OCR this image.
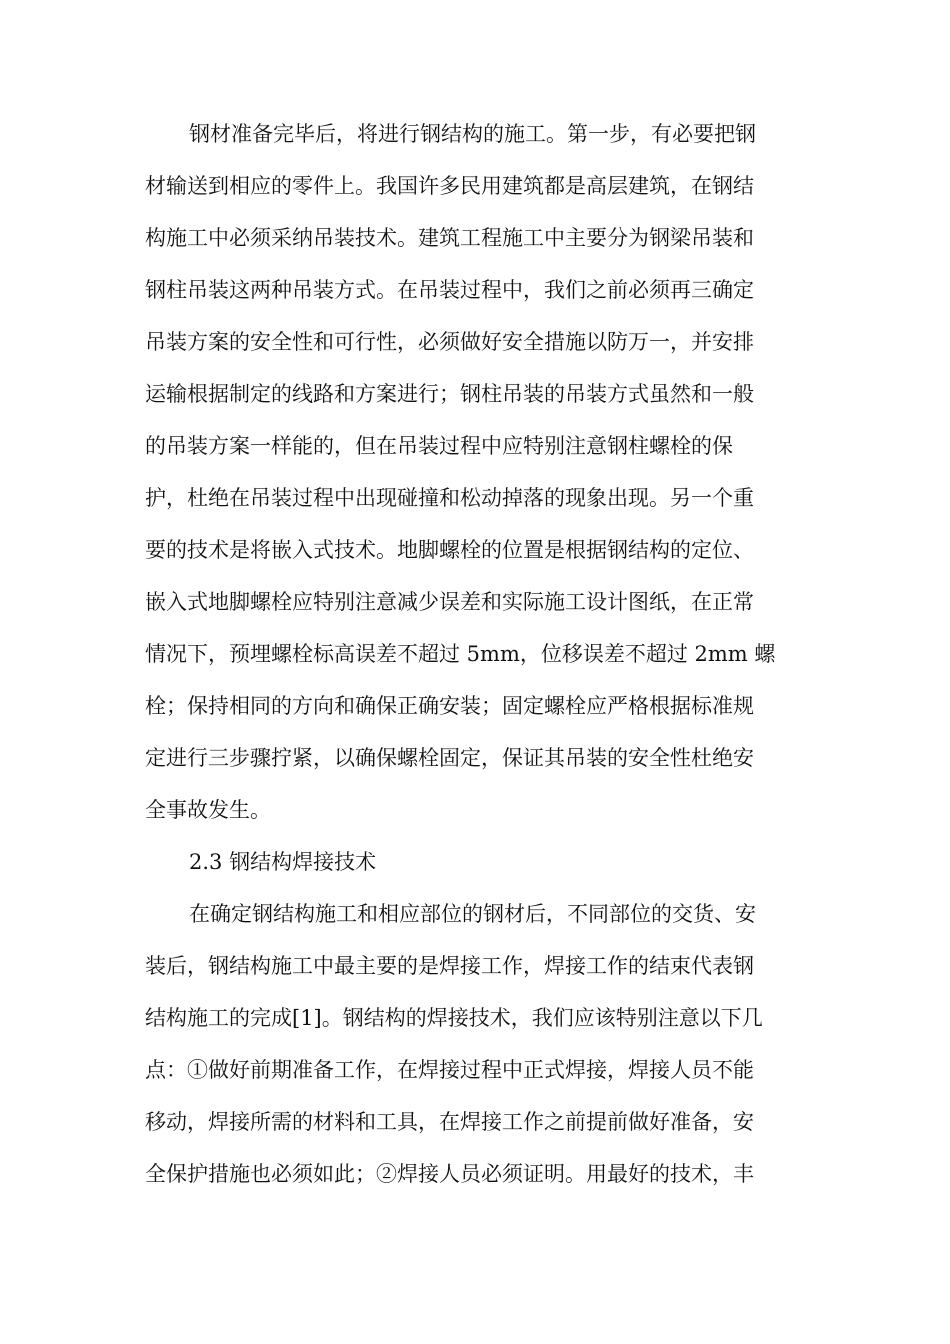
钢材准备完毕后，将进行钢结构的施工。第一步，有必要把钢
材输送到相应的零件上。我国许多民用建筑都是高层建筑，在钢结
构施工中必须采纳吊装技术。建筑工程施工中主要分为钢梁吊装和
钢柱吊装这两种吊装方式。在吊装过程中，我们之前必须再三确定
吊装方案的安全性和可行性，必须做好安全措施以防万一，并安排
运输根据制定的线路和方案进行；钢柱吊装的吊装方式虽然和一般
的吊装方案一样能的，但在吊装过程中应特别注意钢柱螺栓的保
护，杜绝在吊装过程中出现碰撞和松动掉落的现象出现。另一个重
要的技术是将嵌入式技术。地脚螺栓的位置是根据钢结构的定位、
嵌入式地脚螺栓应特别注意减少误差和实际施工设计图纸，在正常
情况下，预埋螺栓标高误差不超过 5mm，位移误差不超过 2mm 螺
栓；保持相同的方向和确保正确安装；固定螺栓应严格根据标准规
定进行三步骤拧紧，以确保螺栓固定，保证其吊装的安全性杜绝安
全事故发生。
2.3 钢结构焊接技术
在确定钢结构施工和相应部位的钢材后，不同部位的交货、安
装后，钢结构施工中最主要的是焊接工作，焊接工作的结束代表钢
结构施工的完成[1]。钢结构的焊接技术，我们应该特别注意以下几
点：①做好前期准备工作，在焊接过程中正式焊接，焊接人员不能
移动，焊接所需的材料和工具，在焊接工作之前提前做好准备，安
全保护措施也必须如此；②焊接人员必须证明。用最好的技术，丰
